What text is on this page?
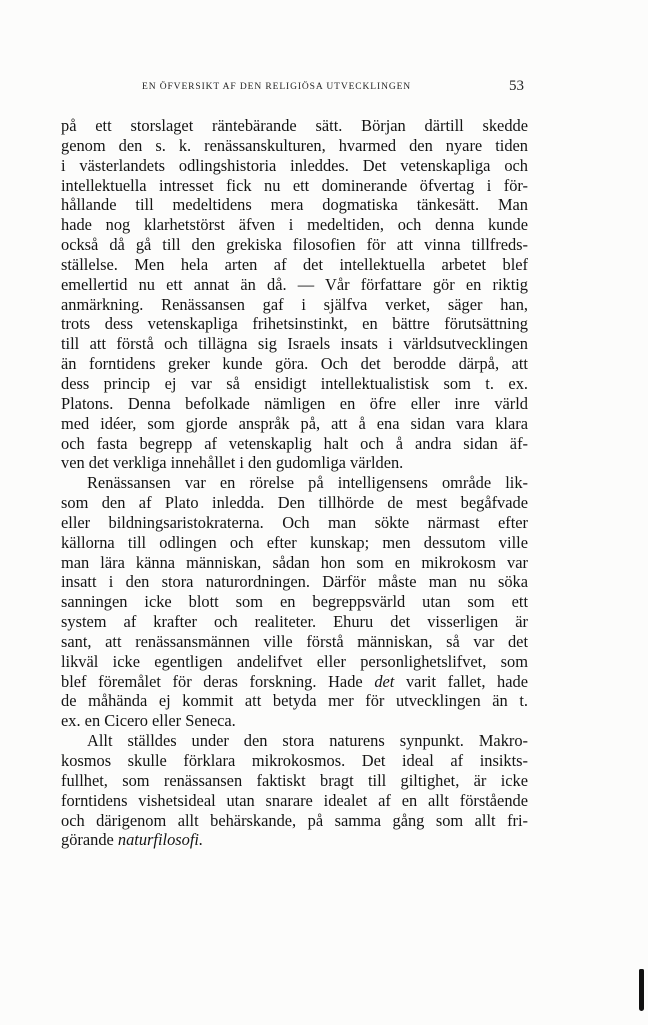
EN ÖFVERSIKT AF DEN RELIGIÖSA UTVECKLINGEN	53
på ett storslaget räntebärande sätt. Början därtill skedde
genom den s. k. renässanskulturen, hvarmed den nyare tiden
i västerlandets odlingshistoria inleddes. Det vetenskapliga och
intellektuella intresset fick nu ett dominerande öfvertag i för-
hållande till medeltidens mera dogmatiska tänkesätt. Man
hade nog klarhetstörst äfven i medeltiden, och denna kunde
också då gå till den grekiska filosofien för att vinna tillfreds-
ställelse. Men hela arten af det intellektuella arbetet blef
emellertid nu ett annat än då. — Vår författare gör en riktig
anmärkning. Renässansen gaf i själfva verket, säger han,
trots dess vetenskapliga frihetsinstinkt, en bättre förutsättning
till att förstå och tillägna sig Israels insats i världsutvecklingen
än forntidens greker kunde göra. Och det berodde därpå, att
dess princip ej var så ensidigt intellektualistisk som t. ex.
Platons. Denna befolkade nämligen en öfre eller inre värld
med idéer, som gjorde anspråk på, att å ena sidan vara klara
och fasta begrepp af vetenskaplig halt och å andra sidan äf-
ven det verkliga innehållet i den gudomliga världen.
Renässansen var en rörelse på intelligensens område lik-
som den af Plato inledda. Den tillhörde de mest begåfvade
eller bildningsaristokraterna. Och man sökte närmast efter
källorna till odlingen och efter kunskap; men dessutom ville
man lära känna människan, sådan hon som en mikrokosm var
insatt i den stora naturordningen. Därför måste man nu söka
sanningen icke blott som en begreppsvärld utan som ett
system af krafter och realiteter. Ehuru det visserligen är
sant, att renässansmännen ville förstå människan, så var det
likväl icke egentligen andelifvet eller personlighetslifvet, som
blef föremålet för deras forskning. Hade det varit fallet, hade
de måhända ej kommit att betyda mer för utvecklingen än t.
ex. en Cicero eller Seneca.
Allt ställdes under den stora naturens synpunkt. Makro-
kosmos skulle förklara mikrokosmos. Det ideal af insikts-
fullhet, som renässansen faktiskt bragt till giltighet, är icke
forntidens vishetsideal utan snarare idealet af en allt förstående
och därigenom allt behärskande, på samma gång som allt fri-
görande naturfilosofi.
